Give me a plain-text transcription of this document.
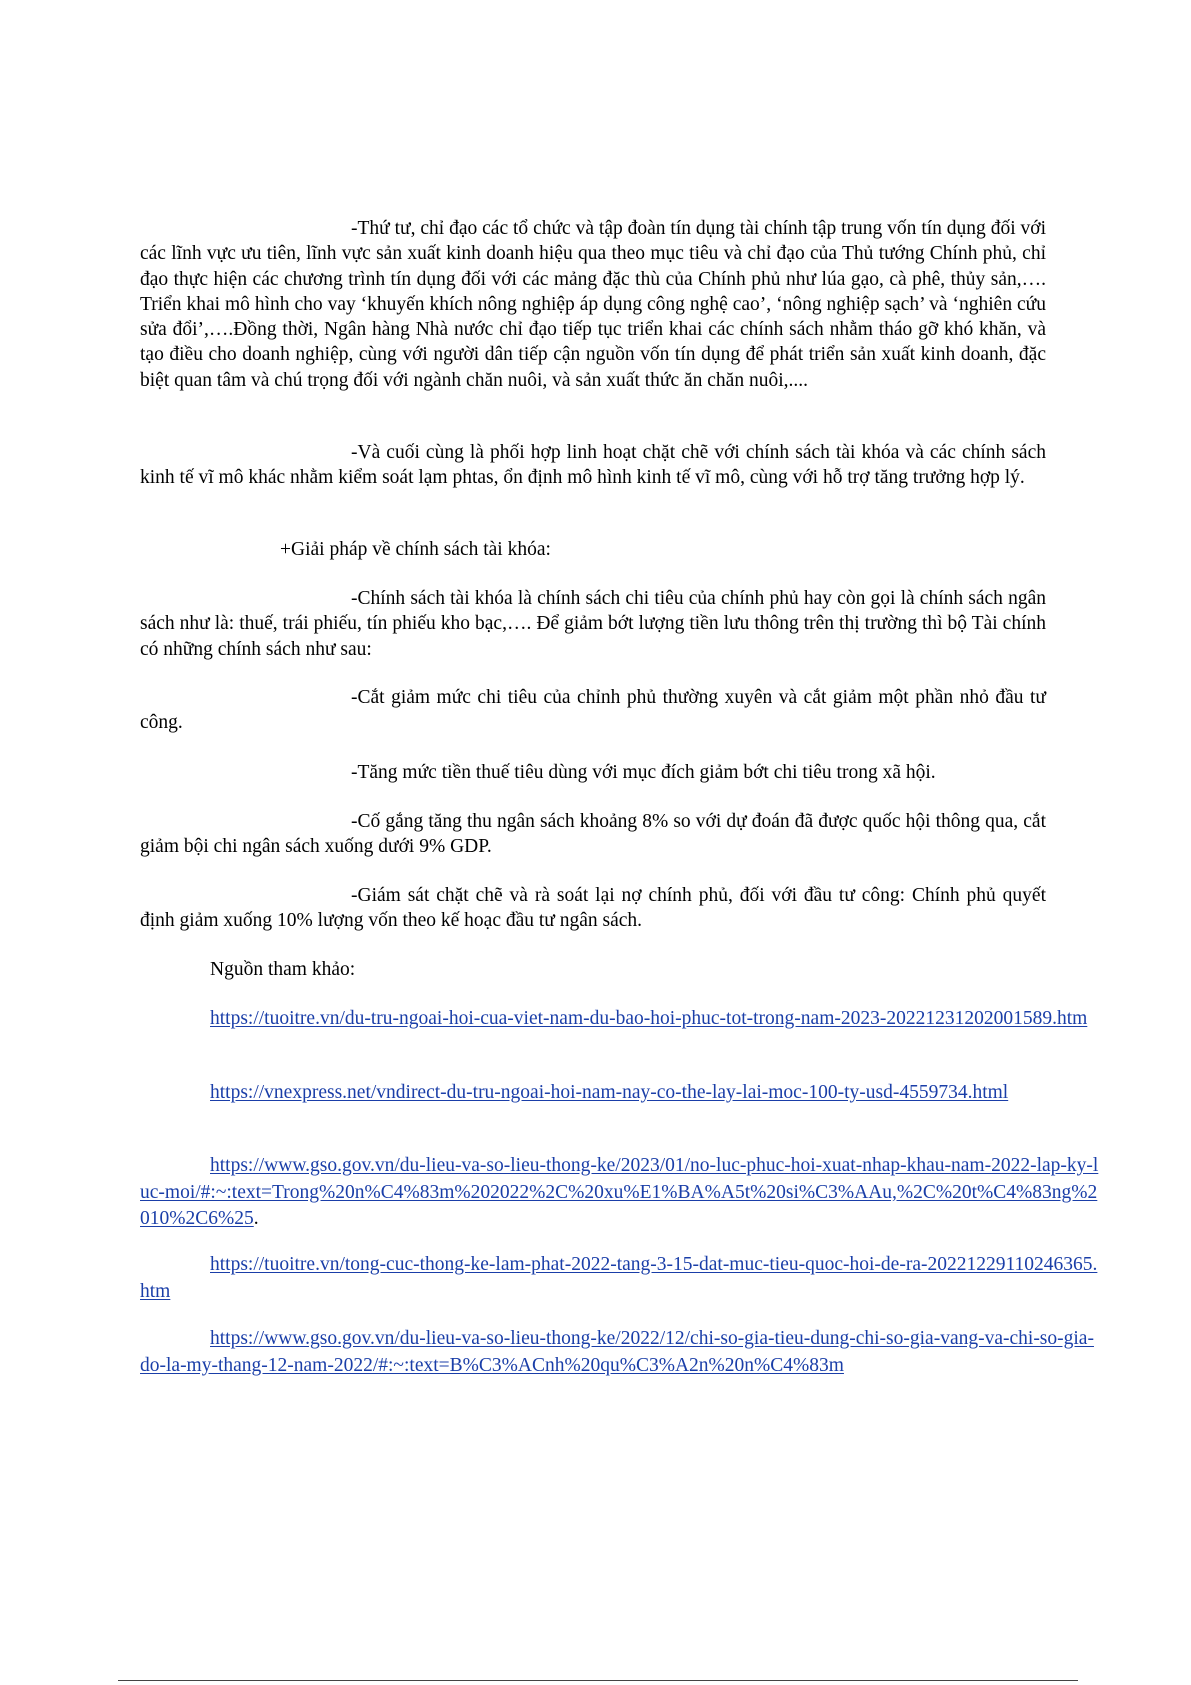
-Thứ tư, chỉ đạo các tổ chức và tập đoàn tín dụng tài chính tập trung vốn tín dụng đối với các lĩnh vực ưu tiên, lĩnh vực sản xuất kinh doanh hiệu qua theo mục tiêu và chỉ đạo của Thủ tướng Chính phủ, chỉ đạo thực hiện các chương trình tín dụng đối với các mảng đặc thù của Chính phủ như lúa gạo, cà phê, thủy sản,…. Triển khai mô hình cho vay ‘khuyến khích nông nghiệp áp dụng công nghệ cao’, ‘nông nghiệp sạch’ và ‘nghiên cứu sửa đổi’,….Đồng thời, Ngân hàng Nhà nước chỉ đạo tiếp tục triển khai các chính sách nhằm tháo gỡ khó khăn, và tạo điều cho doanh nghiệp, cùng với người dân tiếp cận nguồn vốn tín dụng để phát triển sản xuất kinh doanh, đặc biệt quan tâm và chú trọng đối với ngành chăn nuôi, và sản xuất thức ăn chăn nuôi,....

-Và cuối cùng là phối hợp linh hoạt chặt chẽ với chính sách tài khóa và các chính sách kinh tế vĩ mô khác nhằm kiểm soát lạm phtas, ổn định mô hình kinh tế vĩ mô, cùng với hỗ trợ tăng trưởng hợp lý.

+Giải pháp về chính sách tài khóa:

-Chính sách tài khóa là chính sách chi tiêu của chính phủ hay còn gọi là chính sách ngân sách như là: thuế, trái phiếu, tín phiếu kho bạc,…. Để giảm bớt lượng tiền lưu thông trên thị trường thì bộ Tài chính có những chính sách như sau:

-Cắt giảm mức chi tiêu của chỉnh phủ thường xuyên và cắt giảm một phần nhỏ đầu tư công.

-Tăng mức tiền thuế tiêu dùng với mục đích giảm bớt chi tiêu trong xã hội.

-Cố gắng tăng thu ngân sách khoảng 8% so với dự đoán đã được quốc hội thông qua, cắt giảm bội chi ngân sách xuống dưới 9% GDP.

-Giám sát chặt chẽ và rà soát lại nợ chính phủ, đối với đầu tư công: Chính phủ quyết định giảm xuống 10% lượng vốn theo kế hoạc đầu tư ngân sách.

Nguồn tham khảo:

https://tuoitre.vn/du-tru-ngoai-hoi-cua-viet-nam-du-bao-hoi-phuc-tot-trong-nam-2023-20221231202001589.htm

https://vnexpress.net/vndirect-du-tru-ngoai-hoi-nam-nay-co-the-lay-lai-moc-100-ty-usd-4559734.html

https://www.gso.gov.vn/du-lieu-va-so-lieu-thong-ke/2023/01/no-luc-phuc-hoi-xuat-nhap-khau-nam-2022-lap-ky-luc-moi/#:~:text=Trong%20n%C4%83m%202022%2C%20xu%E1%BA%A5t%20si%C3%AAu,%2C%20t%C4%83ng%2010%2C6%25.

https://tuoitre.vn/tong-cuc-thong-ke-lam-phat-2022-tang-3-15-dat-muc-tieu-quoc-hoi-de-ra-20221229110246365.htm

https://www.gso.gov.vn/du-lieu-va-so-lieu-thong-ke/2022/12/chi-so-gia-tieu-dung-chi-so-gia-vang-va-chi-so-gia-do-la-my-thang-12-nam-2022/#:~:text=B%C3%ACnh%20qu%C3%A2n%20n%C4%83m
